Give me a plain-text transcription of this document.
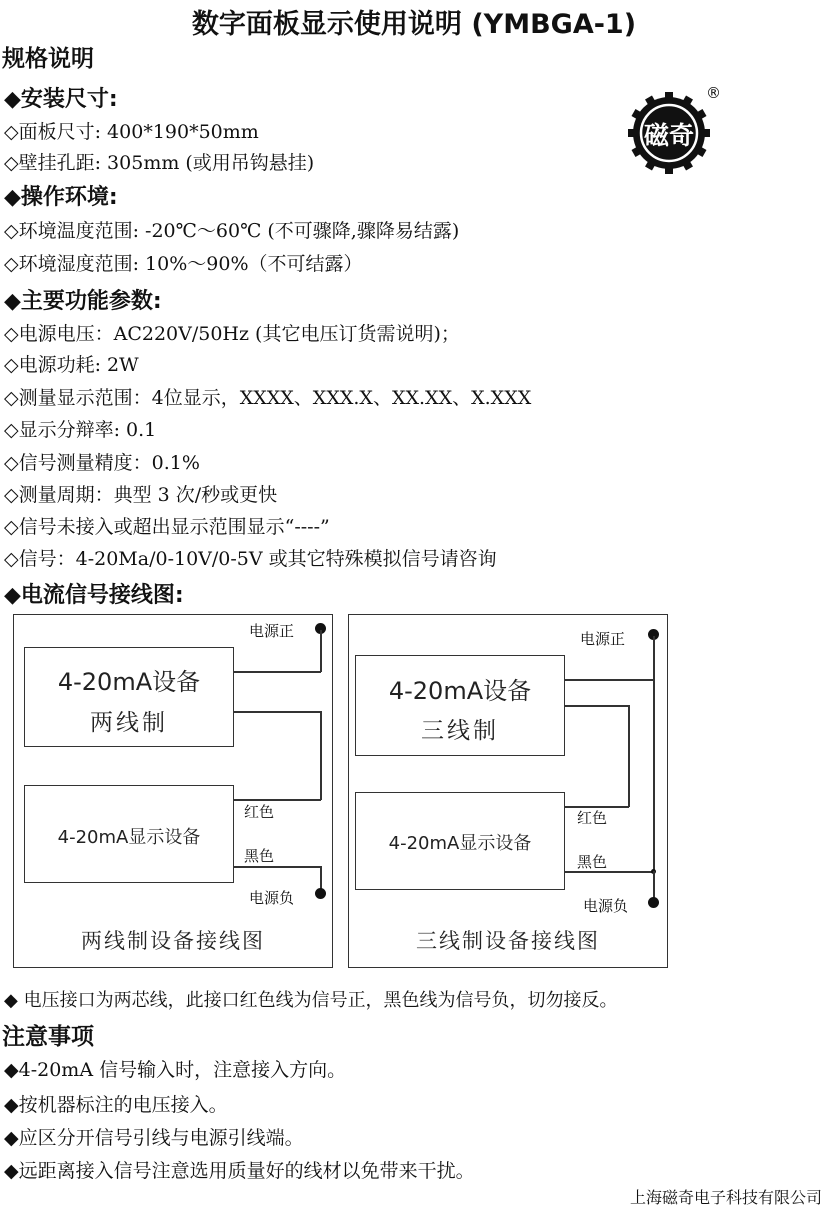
数字面板显示使用说明 (YMBGA-1)
规格说明
磁奇
®
◆安装尺寸:
◇面板尺寸: 400*190*50mm
◇壁挂孔距: 305mm (或用吊钩悬挂)
◆操作环境:
◇环境温度范围: -20℃～60℃ (不可骤降,骤降易结露)
◇环境湿度范围: 10%～90%（不可结露）
◆主要功能参数:
◇电源电压：AC220V/50Hz (其它电压订货需说明)；
◇电源功耗: 2W
◇测量显示范围：4位显示，XXXX、XXX.X、XX.XX、X.XXX
◇显示分辩率: 0.1
◇信号测量精度：0.1%
◇测量周期：典型 3 次/秒或更快
◇信号未接入或超出显示范围显示“----”
◇信号：4-20Ma/0-10V/0-5V 或其它特殊模拟信号请咨询
◆电流信号接线图:
4-20mA设备
两线制
4-20mA显示设备
电源正
红色
黑色
电源负
两线制设备接线图
4-20mA设备
三线制
4-20mA显示设备
电源正
红色
黑色
电源负
三线制设备接线图
◆ 电压接口为两芯线，此接口红色线为信号正，黑色线为信号负，切勿接反。
注意事项
◆4-20mA 信号输入时，注意接入方向。
◆按机器标注的电压接入。
◆应区分开信号引线与电源引线端。
◆远距离接入信号注意选用质量好的线材以免带来干扰。
上海磁奇电子科技有限公司
